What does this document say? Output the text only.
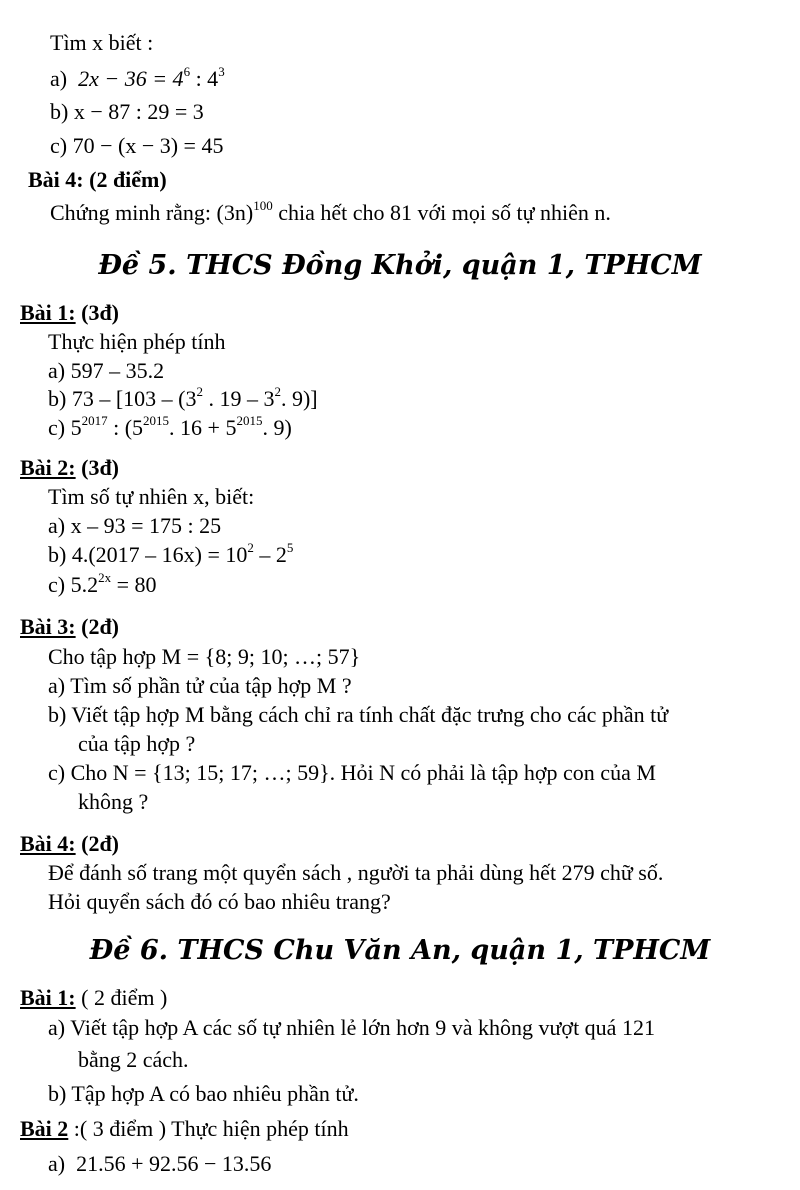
Tìm x biết :
a) $2x - 36 = 4^6$ : $4^3$
b) x − 87 : 29 = 3
c) 70 − (x − 3) = 45
Bài 4: (2 điểm)
Chứng minh rằng: $(3n)^{100}$ chia hết cho 81 với mọi số tự nhiên n.
Đề 5. THCS Đồng Khởi, quận 1, TPHCM
Bài 1: (3đ)
Thực hiện phép tính
a) 597 – 35.2
b) $73 - [103 - (3^2$ . $19 - 3^2$. 9)]
c) $5^{2017}$ : ($5^{2015}$. $16 + 5^{2015}$. 9)
Bài 2: (3đ)
Tìm số tự nhiên x, biết:
a) x – 93 = 175 : 25
b) $4.(2017 - 16x) = 10^2 - 2^5$
c) $5.2^{2x} = 80$
Bài 3: (2đ)
Cho tập hợp M = {8; 9; 10; …; 57}
a) Tìm số phần tử của tập hợp M ?
b) Viết tập hợp M bằng cách chỉ ra tính chất đặc trưng cho các phần tử
của tập hợp ?
c) Cho N = {13; 15; 17; …; 59}. Hỏi N có phải là tập hợp con của M
không ?
Bài 4: (2đ)
Để đánh số trang một quyển sách , người ta phải dùng hết 279 chữ số.
Hỏi quyển sách đó có bao nhiêu trang?
Đề 6. THCS Chu Văn An, quận 1, TPHCM
Bài 1: ( 2 điểm )
a) Viết tập hợp A các số tự nhiên lẻ lớn hơn 9 và không vượt quá 121
bằng 2 cách.
b) Tập hợp A có bao nhiêu phần tử.
Bài 2 :( 3 điểm ) Thực hiện phép tính
a) 21.56 + 92.56 − 13.56
